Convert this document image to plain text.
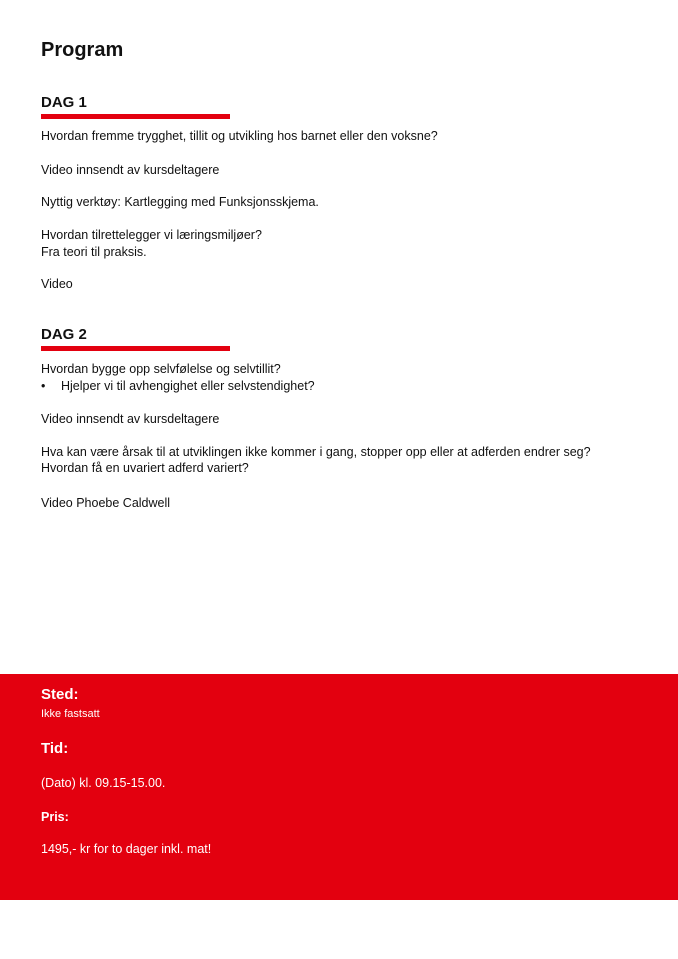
Program
DAG 1

Hvordan fremme trygghet, tillit og utvikling hos barnet eller den voksne?

Video innsendt av kursdeltagere

Nyttig verktøy: Kartlegging med Funksjonsskjema.

Hvordan tilrettelegger vi læringsmiljøer?

Fra teori til praksis.

Video

DAG 2

Hvordan bygge opp selvfølelse og selvtillit?

• Hjelper vi til avhengighet eller selvstendighet?

Video innsendt av kursdeltagere

Hva kan være årsak til at utviklingen ikke kommer i gang, stopper opp eller at adferden endrer seg?

Hvordan få en uvariert adferd variert?

Video Phoebe Caldwell

Sted:

Ikke fastsatt

Tid:

(Dato) kl. 09.15-15.00.

Pris:

1495,- kr for to dager inkl. mat!
